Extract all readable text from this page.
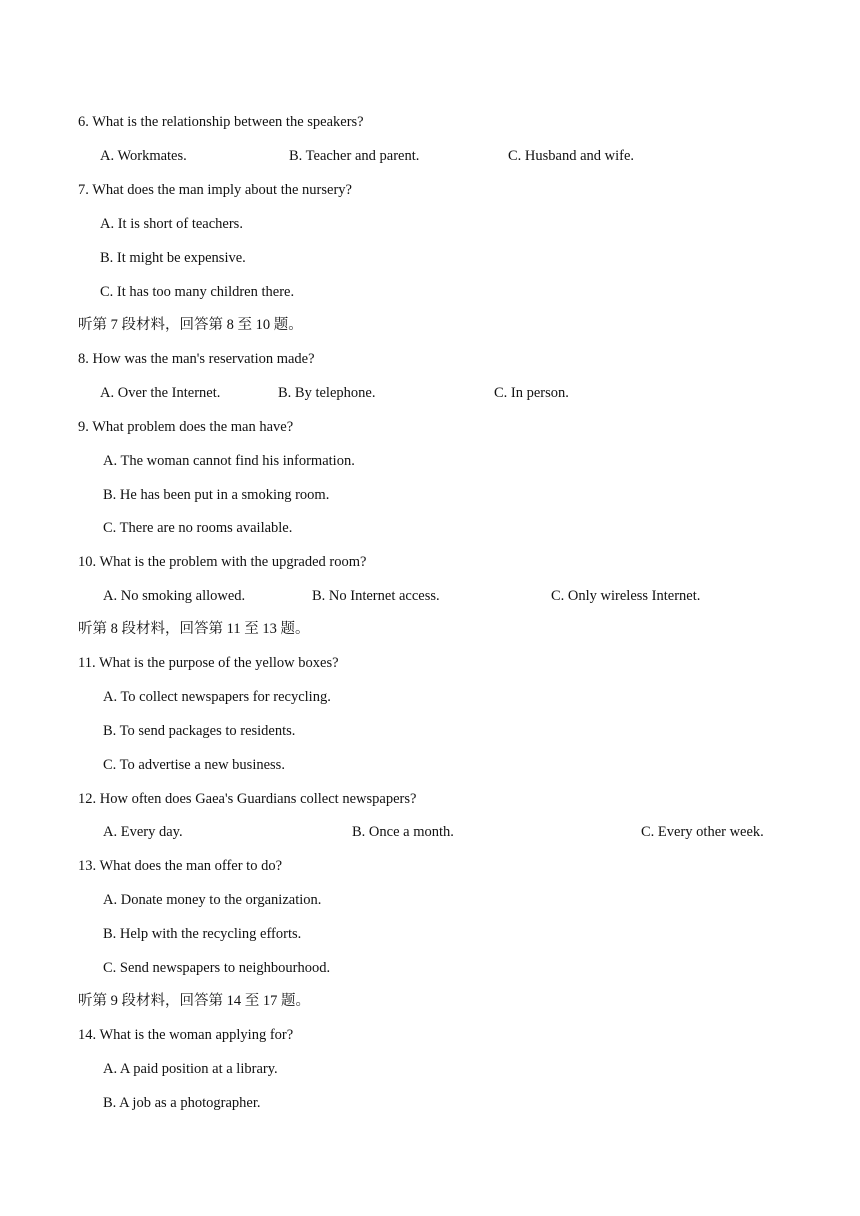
6. What is the relationship between the speakers?
A. Workmates.	B. Teacher and parent.	C. Husband and wife.
7. What does the man imply about the nursery?
A. It is short of teachers.
B. It might be expensive.
C. It has too many children there.
听第 7 段材料，回答第 8 至 10 题。
8. How was the man's reservation made?
A. Over the Internet.	B. By telephone.	C. In person.
9. What problem does the man have?
A. The woman cannot find his information.
B. He has been put in a smoking room.
C. There are no rooms available.
10. What is the problem with the upgraded room?
A. No smoking allowed.	B. No Internet access.	C. Only wireless Internet.
听第 8 段材料，回答第 11 至 13 题。
11. What is the purpose of the yellow boxes?
A. To collect newspapers for recycling.
B. To send packages to residents.
C. To advertise a new business.
12. How often does Gaea's Guardians collect newspapers?
A. Every day.	B. Once a month.	C. Every other week.
13. What does the man offer to do?
A. Donate money to the organization.
B. Help with the recycling efforts.
C. Send newspapers to neighbourhood.
听第 9 段材料，回答第 14 至 17 题。
14. What is the woman applying for?
A. A paid position at a library.
B. A job as a photographer.
